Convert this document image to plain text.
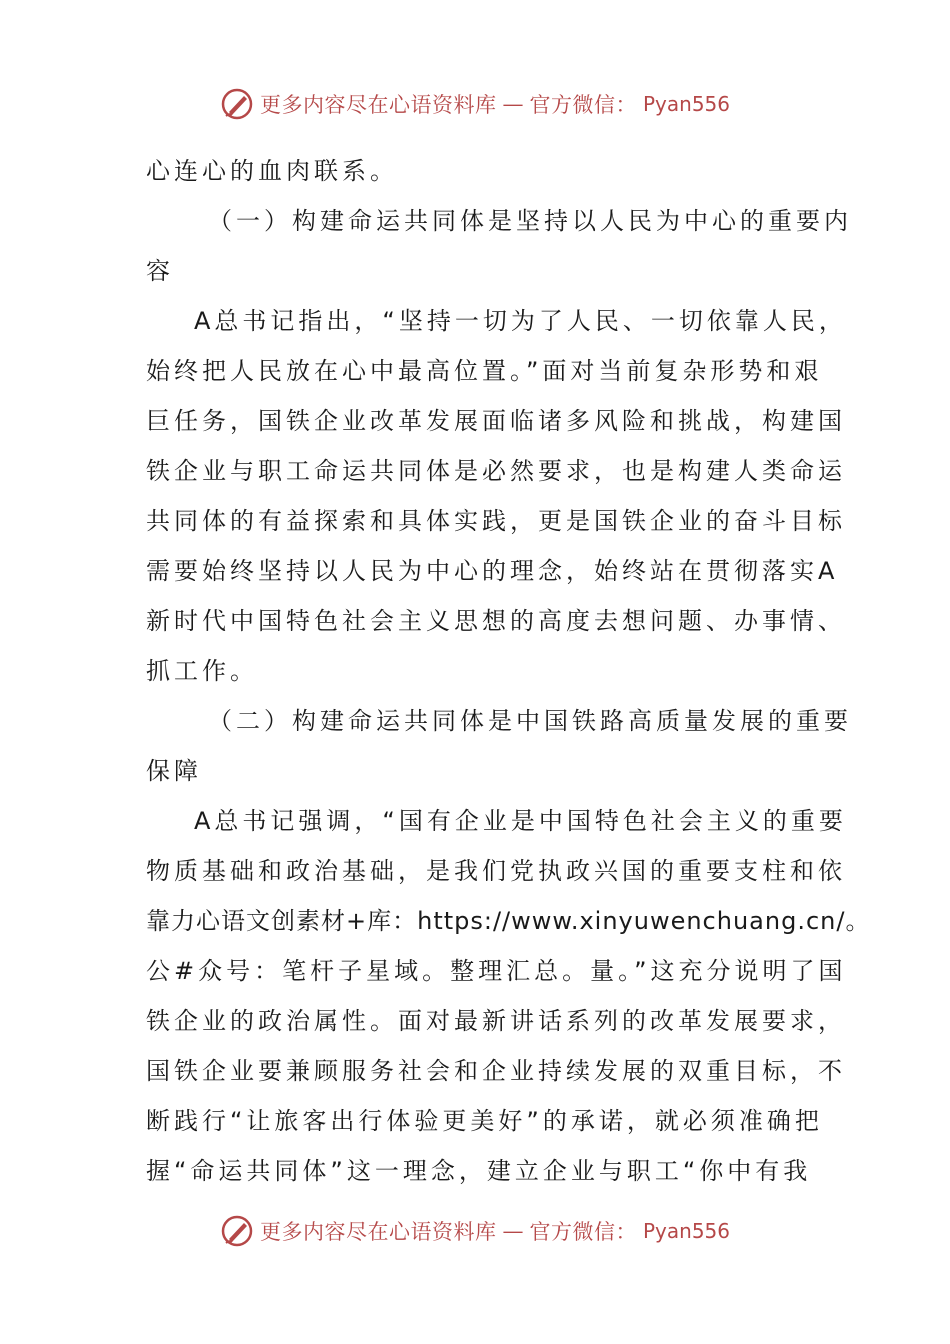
更多内容尽在心语资料库 — 官方微信： Pyan556
心连心的血肉联系。
（一）构建命运共同体是坚持以人民为中心的重要内
容
A总书记指出，“坚持一切为了人民、一切依靠人民，
始终把人民放在心中最高位置。”面对当前复杂形势和艰
巨任务，国铁企业改革发展面临诸多风险和挑战，构建国
铁企业与职工命运共同体是必然要求，也是构建人类命运
共同体的有益探索和具体实践，更是国铁企业的奋斗目标
需要始终坚持以人民为中心的理念，始终站在贯彻落实A
新时代中国特色社会主义思想的高度去想问题、办事情、
抓工作。
（二）构建命运共同体是中国铁路高质量发展的重要
保障
A总书记强调，“国有企业是中国特色社会主义的重要
物质基础和政治基础，是我们党执政兴国的重要支柱和依
靠力心语文创素材+库：https://www.xinyuwenchuang.cn/。
公#众号：笔杆子星域。整理汇总。量。”这充分说明了国
铁企业的政治属性。面对最新讲话系列的改革发展要求，
国铁企业要兼顾服务社会和企业持续发展的双重目标，不
断践行“让旅客出行体验更美好”的承诺，就必须准确把
握“命运共同体”这一理念，建立企业与职工“你中有我
更多内容尽在心语资料库 — 官方微信： Pyan556
